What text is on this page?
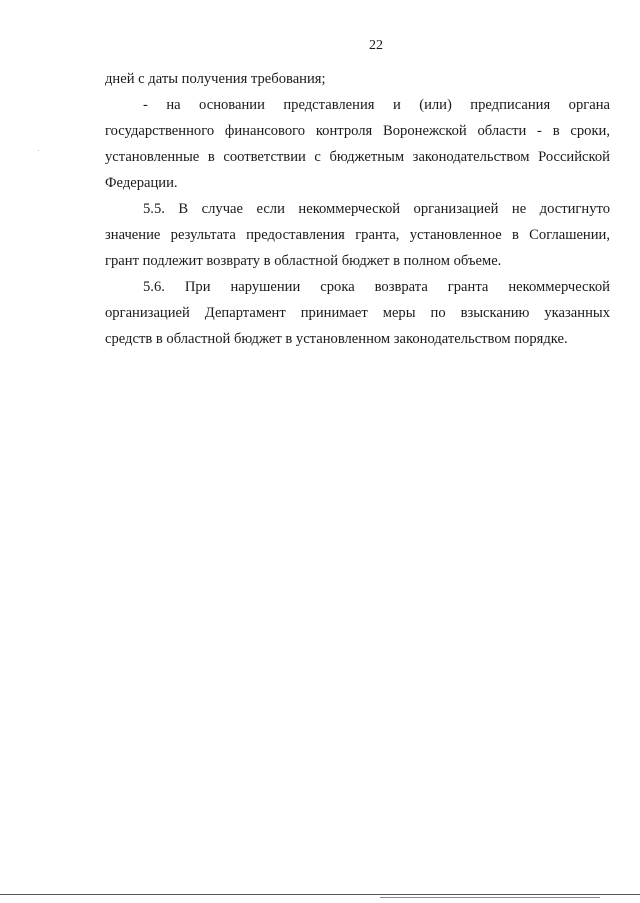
22

дней с даты получения требования;

- на основании представления и (или) предписания органа
государственного финансового контроля Воронежской области - в сроки,
установленные в соответствии с бюджетным законодательством Российской
Федерации.

5.5. В случае если некоммерческой организацией не достигнуто
значение результата предоставления гранта, установленное в Соглашении,
грант подлежит возврату в областной бюджет в полном объеме.

5.6. При нарушении срока возврата гранта некоммерческой
организацией Департамент принимает меры по взысканию указанных
средств в областной бюджет в установленном законодательством порядке.
